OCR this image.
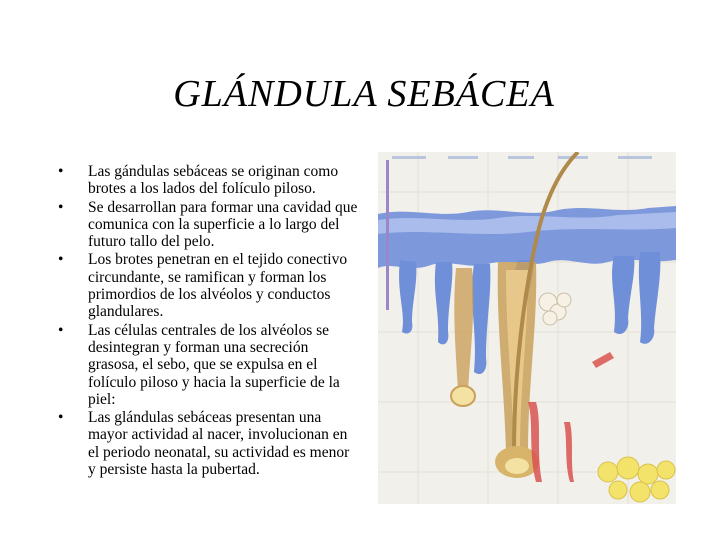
GLÁNDULA SEBÁCEA
• Las gándulas sebáceas se originan como brotes a los lados del folículo piloso.
• Se desarrollan para formar una cavidad que comunica con la superficie a lo largo del futuro tallo del pelo.
• Los brotes penetran en el tejido conectivo circundante, se ramifican y forman los primordios de los alvéolos y conductos glandulares.
• Las células centrales de los alvéolos se desintegran y forman una secreción grasosa, el sebo, que se expulsa en el folículo piloso y hacia la superficie de la piel:
• Las glándulas sebáceas presentan una mayor actividad al nacer, involucionan en el periodo neonatal, su actividad es menor y persiste hasta la pubertad.
